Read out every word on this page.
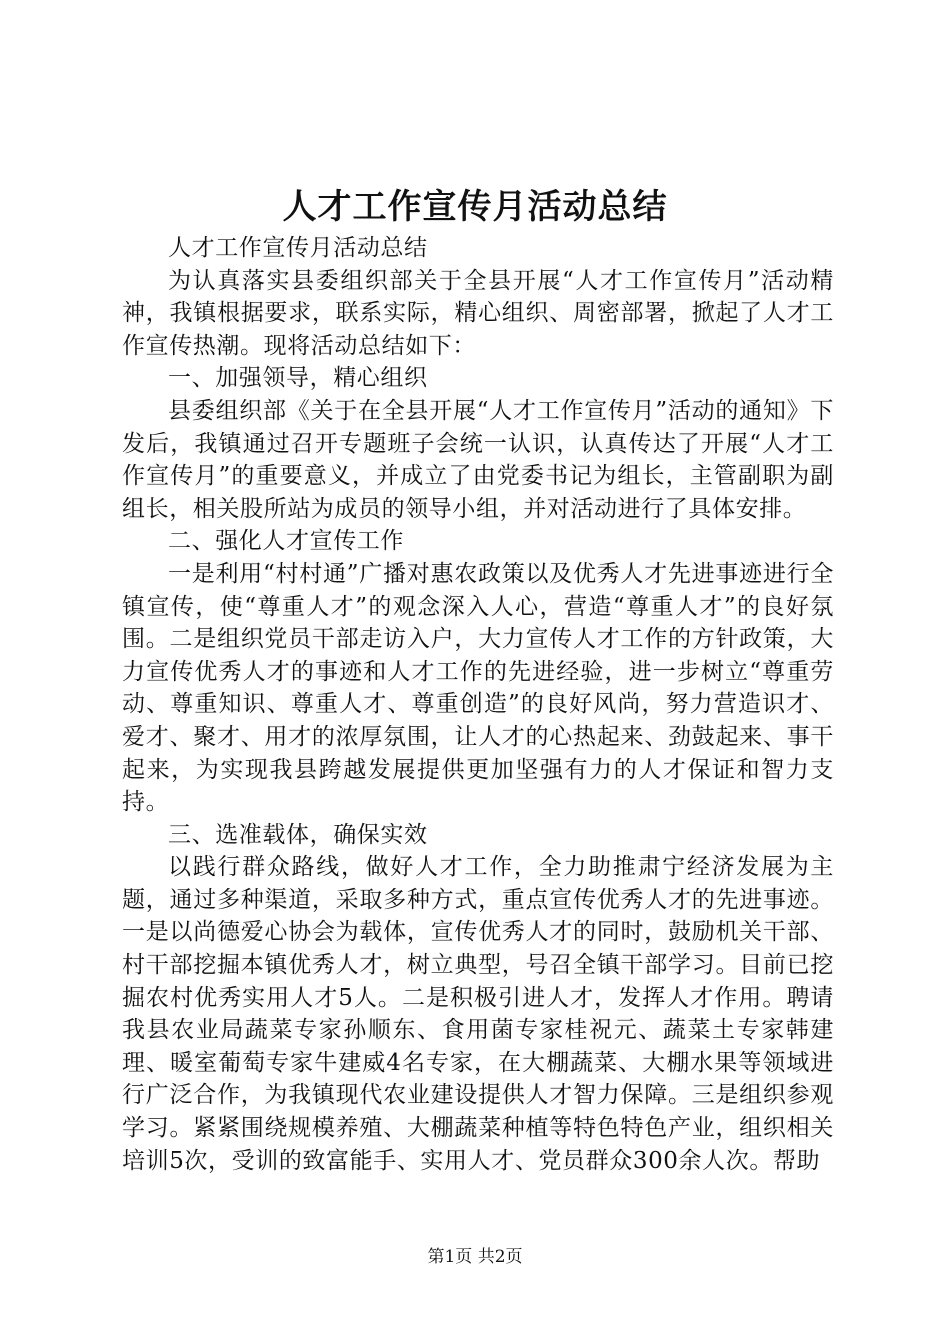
人才工作宣传月活动总结

人才工作宣传月活动总结

为认真落实县委组织部关于全县开展“人才工作宣传月”活动精神，我镇根据要求，联系实际，精心组织、周密部署，掀起了人才工作宣传热潮。现将活动总结如下：

一、加强领导，精心组织

县委组织部《关于在全县开展“人才工作宣传月”活动的通知》下发后，我镇通过召开专题班子会统一认识，认真传达了开展“人才工作宣传月”的重要意义，并成立了由党委书记为组长，主管副职为副组长，相关股所站为成员的领导小组，并对活动进行了具体安排。

二、强化人才宣传工作

一是利用“村村通”广播对惠农政策以及优秀人才先进事迹进行全镇宣传，使“尊重人才”的观念深入人心，营造“尊重人才”的良好氛围。二是组织党员干部走访入户，大力宣传人才工作的方针政策，大力宣传优秀人才的事迹和人才工作的先进经验，进一步树立“尊重劳动、尊重知识、尊重人才、尊重创造”的良好风尚，努力营造识才、爱才、聚才、用才的浓厚氛围，让人才的心热起来、劲鼓起来、事干起来，为实现我县跨越发展提供更加坚强有力的人才保证和智力支持。

三、选准载体，确保实效

以践行群众路线，做好人才工作，全力助推肃宁经济发展为主题，通过多种渠道，采取多种方式，重点宣传优秀人才的先进事迹。一是以尚德爱心协会为载体，宣传优秀人才的同时，鼓励机关干部、村干部挖掘本镇优秀人才，树立典型，号召全镇干部学习。目前已挖掘农村优秀实用人才5人。二是积极引进人才，发挥人才作用。聘请我县农业局蔬菜专家孙顺东、食用菌专家桂祝元、蔬菜土专家韩建理、暖室葡萄专家牛建威4名专家，在大棚蔬菜、大棚水果等领域进行广泛合作，为我镇现代农业建设提供人才智力保障。三是组织参观学习。紧紧围绕规模养殖、大棚蔬菜种植等特色特色产业，组织相关培训5次，受训的致富能手、实用人才、党员群众300余人次。帮助

第1页 共2页
